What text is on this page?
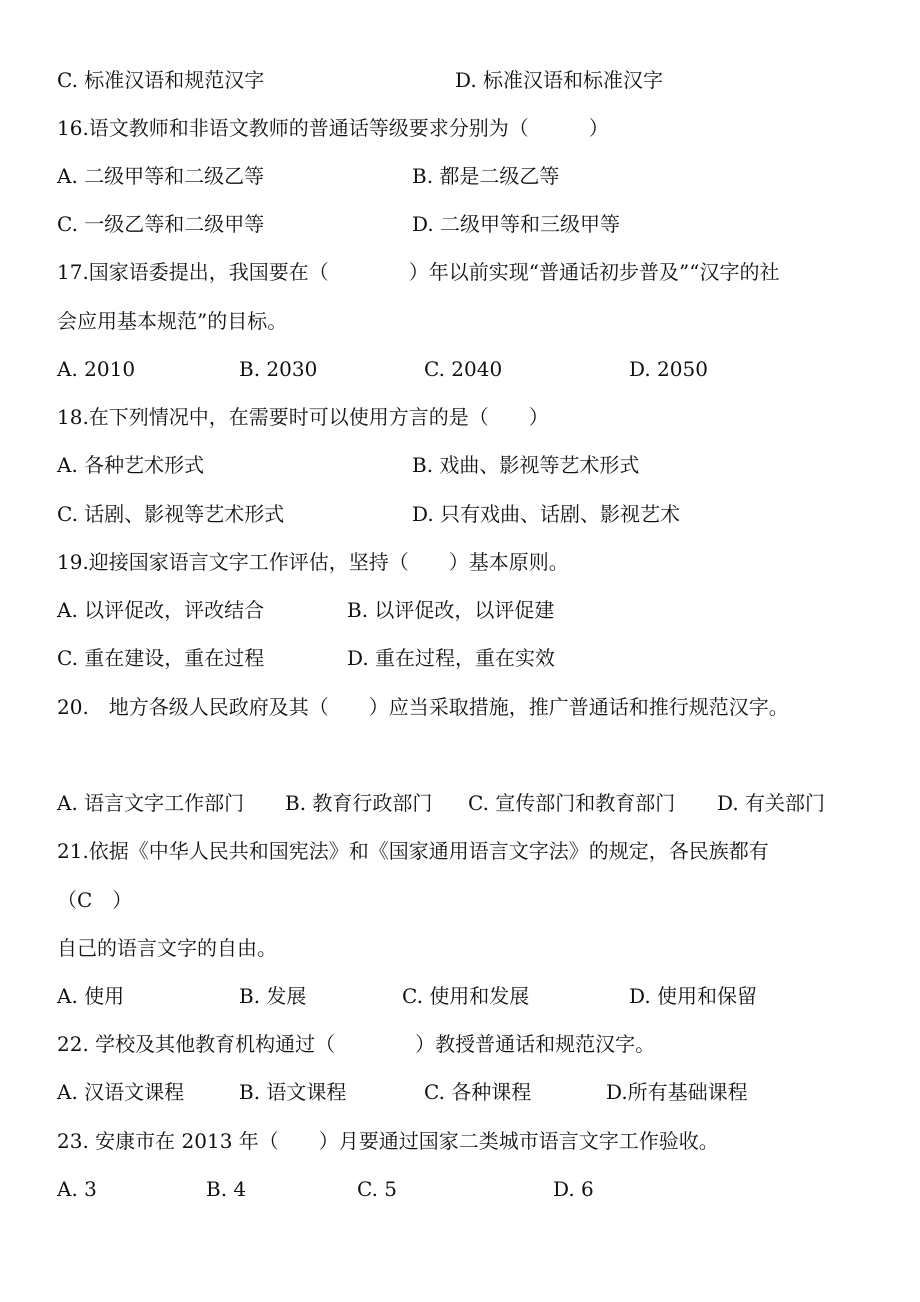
C. 标准汉语和规范汉字	D. 标准汉语和标准汉字
16.语文教师和非语文教师的普通话等级要求分别为（　　　）
A. 二级甲等和二级乙等	B. 都是二级乙等
C. 一级乙等和二级甲等	D. 二级甲等和三级甲等
17.国家语委提出，我国要在（　　　　）年以前实现“普通话初步普及”“汉字的社
会应用基本规范”的目标。
A. 2010	B. 2030	C. 2040	D. 2050
18.在下列情况中，在需要时可以使用方言的是（　　）
A. 各种艺术形式	B. 戏曲、影视等艺术形式
C. 话剧、影视等艺术形式	D. 只有戏曲、话剧、影视艺术
19.迎接国家语言文字工作评估，坚持（　　）基本原则。
A. 以评促改，评改结合	B. 以评促改，以评促建
C. 重在建设，重在过程	D. 重在过程，重在实效
20.　地方各级人民政府及其（　　）应当采取措施，推广普通话和推行规范汉字。
A. 语言文字工作部门 B. 教育行政部门 C. 宣传部门和教育部门 D. 有关部门
21.依据《中华人民共和国宪法》和《国家通用语言文字法》的规定，各民族都有
（C　）
自己的语言文字的自由。
A. 使用	B. 发展	C. 使用和发展	D. 使用和保留
22. 学校及其他教育机构通过（　　　　）教授普通话和规范汉字。
A. 汉语文课程	B. 语文课程	C. 各种课程	D.所有基础课程
23. 安康市在 2013 年（　　）月要通过国家二类城市语言文字工作验收。
A. 3	B. 4	C. 5	D. 6
